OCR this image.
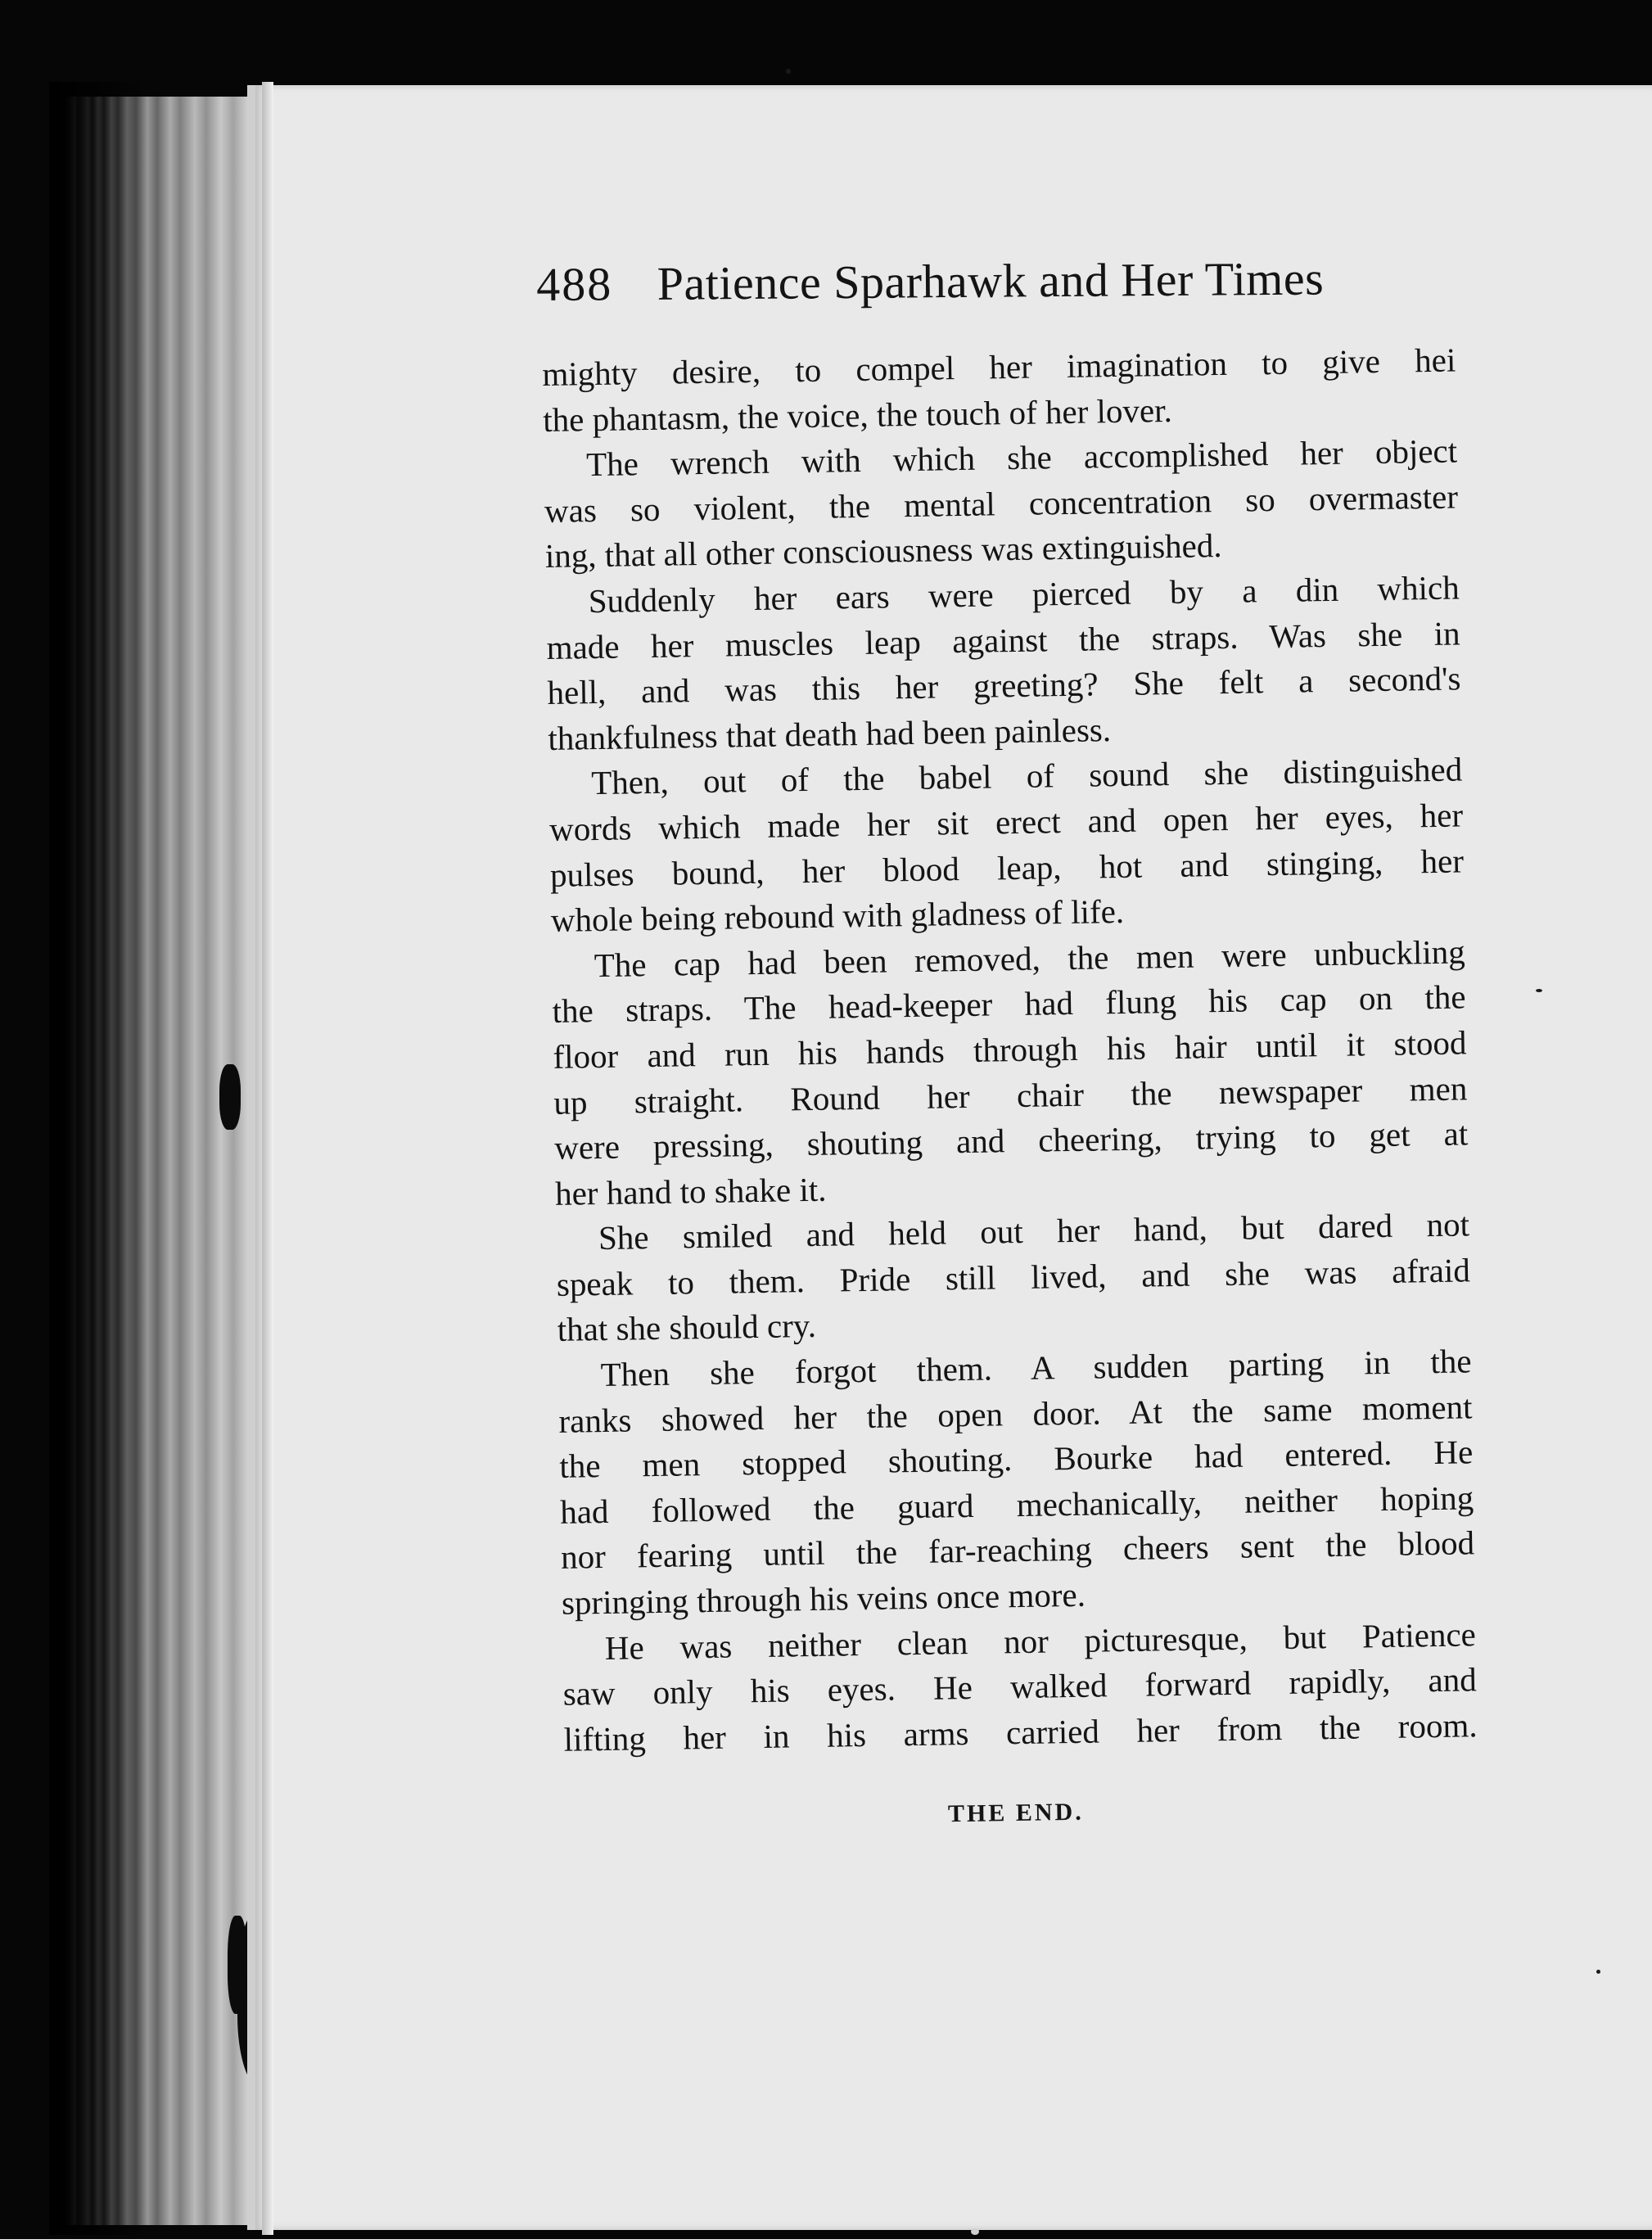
488 Patience Sparhawk and Her Times
mighty desire, to compel her imagination to give hei
the phantasm, the voice, the touch of her lover.
The wrench with which she accomplished her object
was so violent, the mental concentration so overmaster
ing, that all other consciousness was extinguished.
Suddenly her ears were pierced by a din which
made her muscles leap against the straps. Was she in
hell, and was this her greeting? She felt a second's
thankfulness that death had been painless.
Then, out of the babel of sound she distinguished
words which made her sit erect and open her eyes, her
pulses bound, her blood leap, hot and stinging, her
whole being rebound with gladness of life.
The cap had been removed, the men were unbuckling
the straps. The head-keeper had flung his cap on the
floor and run his hands through his hair until it stood
up straight. Round her chair the newspaper men
were pressing, shouting and cheering, trying to get at
her hand to shake it.
She smiled and held out her hand, but dared not
speak to them. Pride still lived, and she was afraid
that she should cry.
Then she forgot them. A sudden parting in the
ranks showed her the open door. At the same moment
the men stopped shouting. Bourke had entered. He
had followed the guard mechanically, neither hoping
nor fearing until the far-reaching cheers sent the blood
springing through his veins once more.
He was neither clean nor picturesque, but Patience
saw only his eyes. He walked forward rapidly, and
lifting her in his arms carried her from the room.
THE END.
